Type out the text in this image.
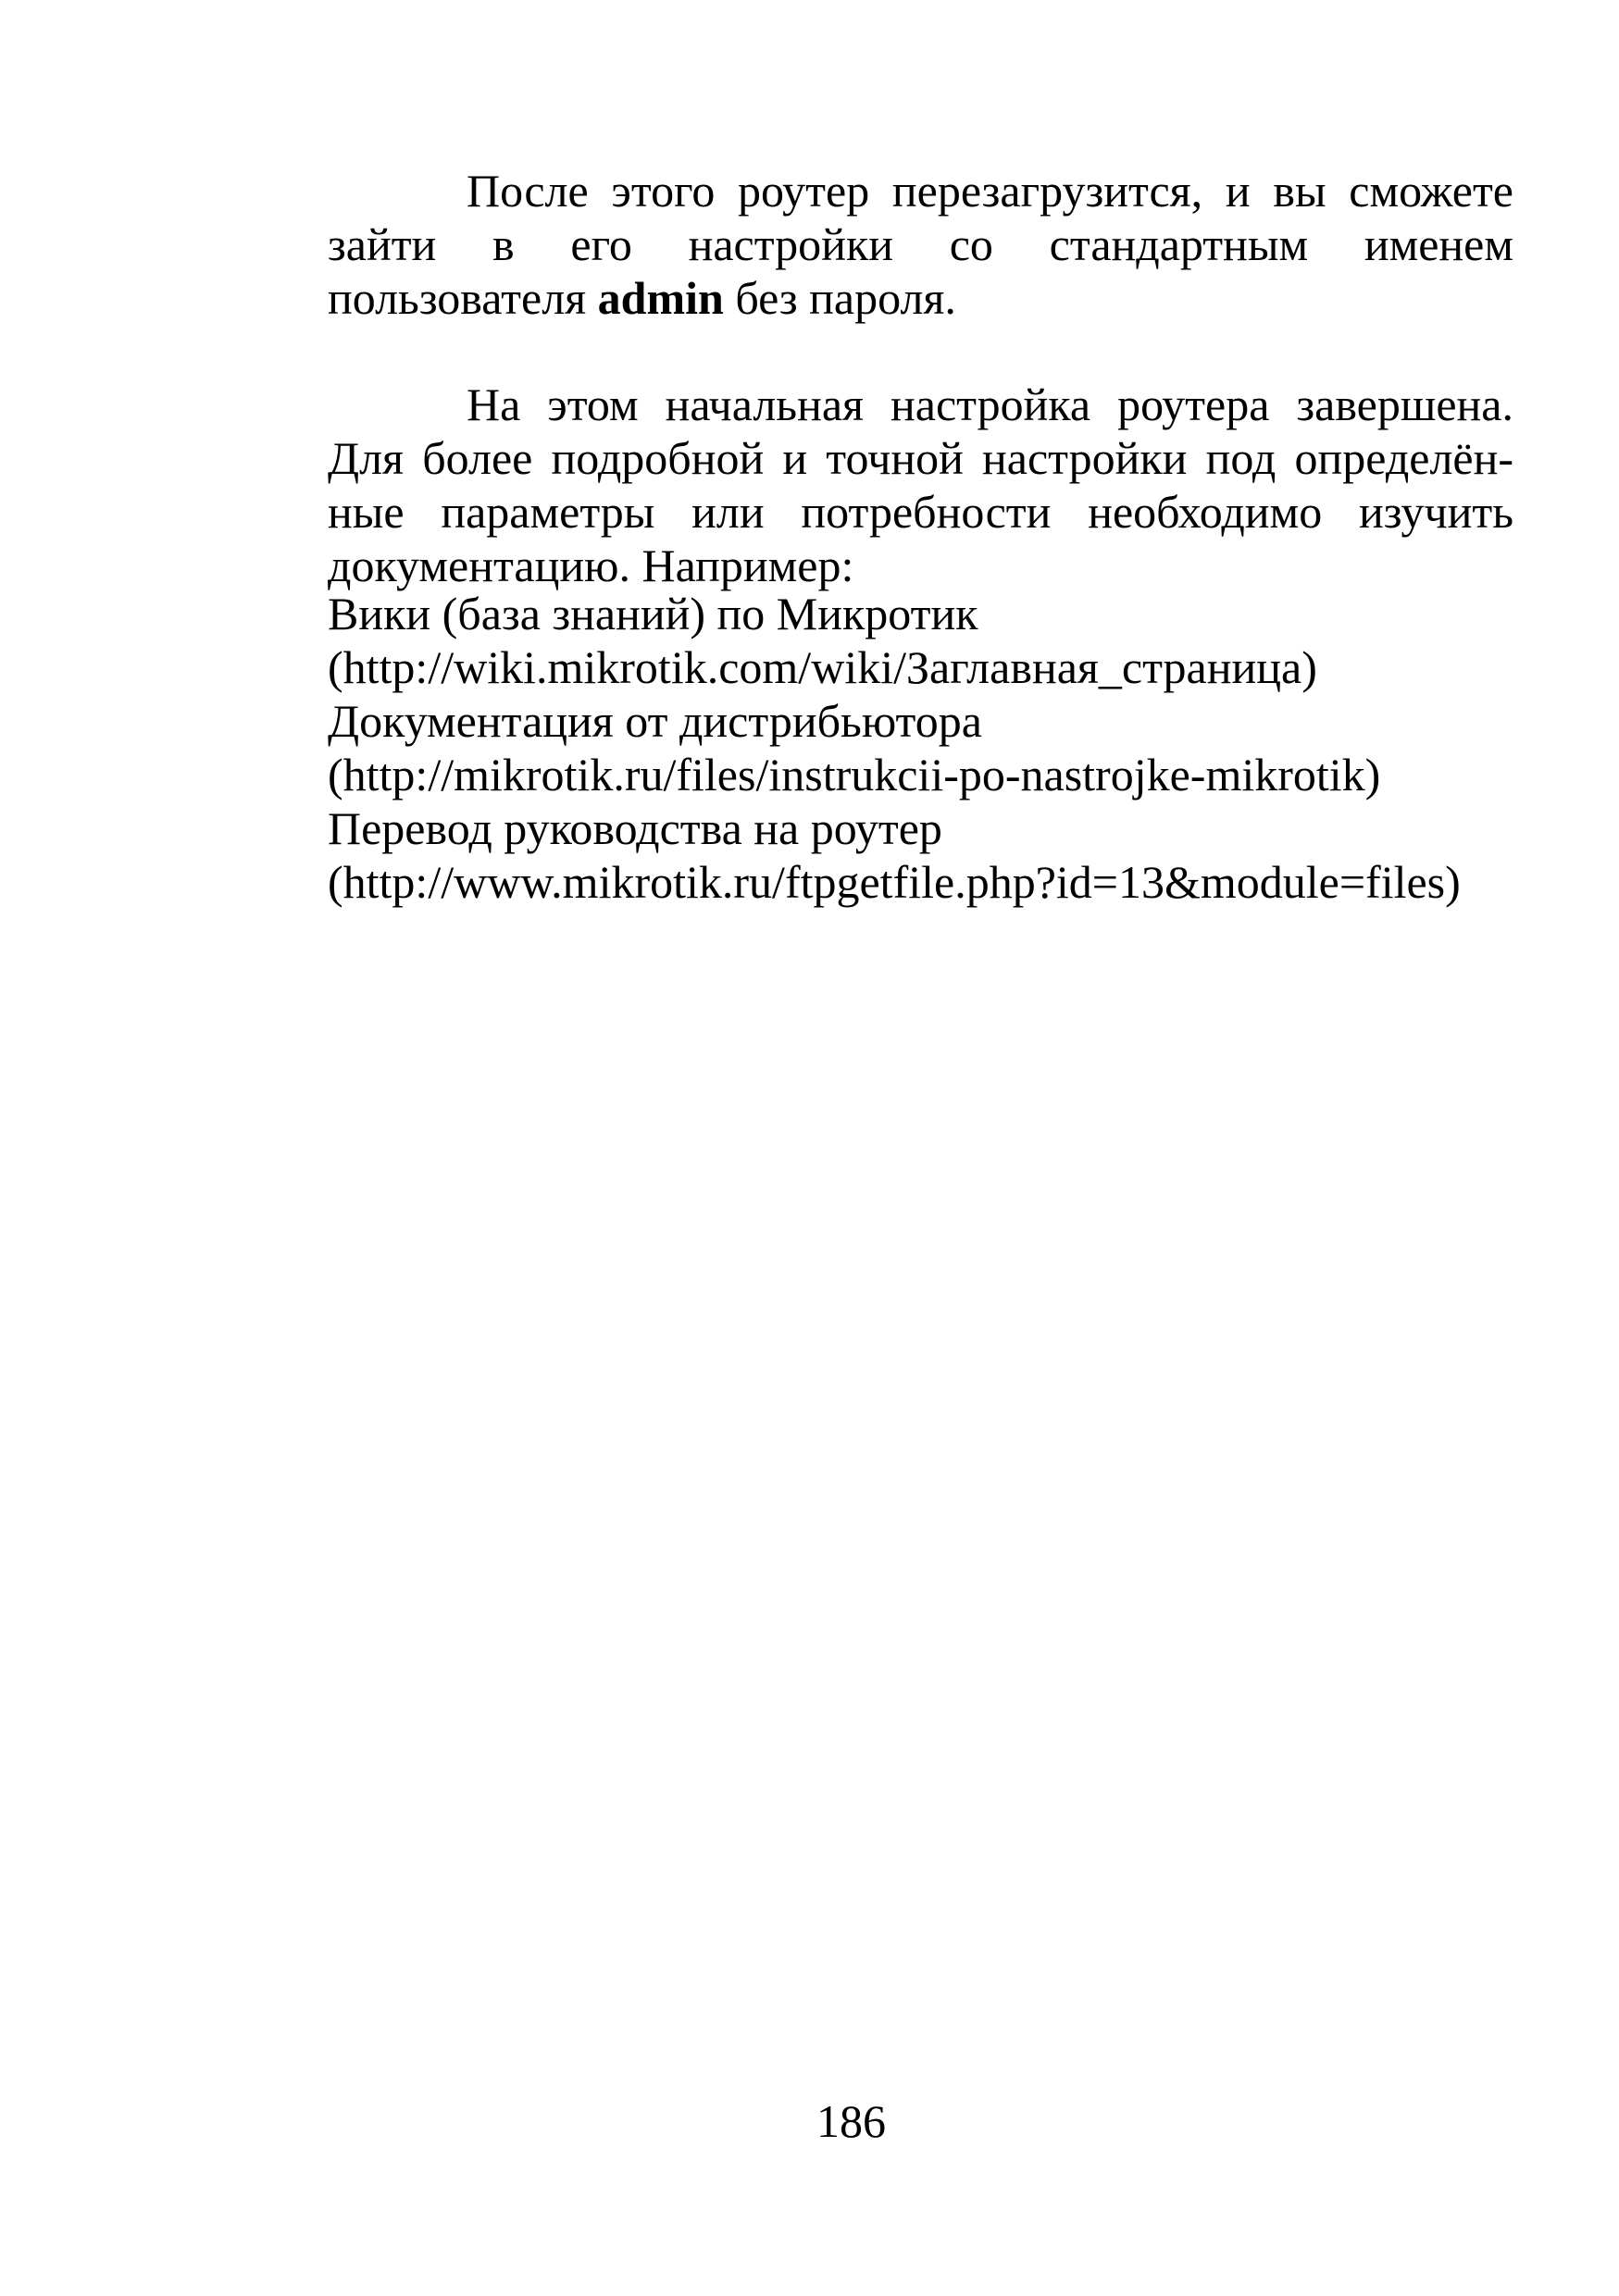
После этого роутер перезагрузится, и вы сможете зайти в его настройки со стандартным именем пользователя admin без пароля.
На этом начальная настройка роутера завершена. Для более подробной и точной настройки под определён-ные параметры или потребности необходимо изучить документацию. Например:
Вики (база знаний) по Микротик
(http://wiki.mikrotik.com/wiki/Заглавная_страница)
Документация от дистрибьютора
(http://mikrotik.ru/files/instrukcii-po-nastrojke-mikrotik)
Перевод руководства на роутер
(http://www.mikrotik.ru/ftpgetfile.php?id=13&module=files)
186
